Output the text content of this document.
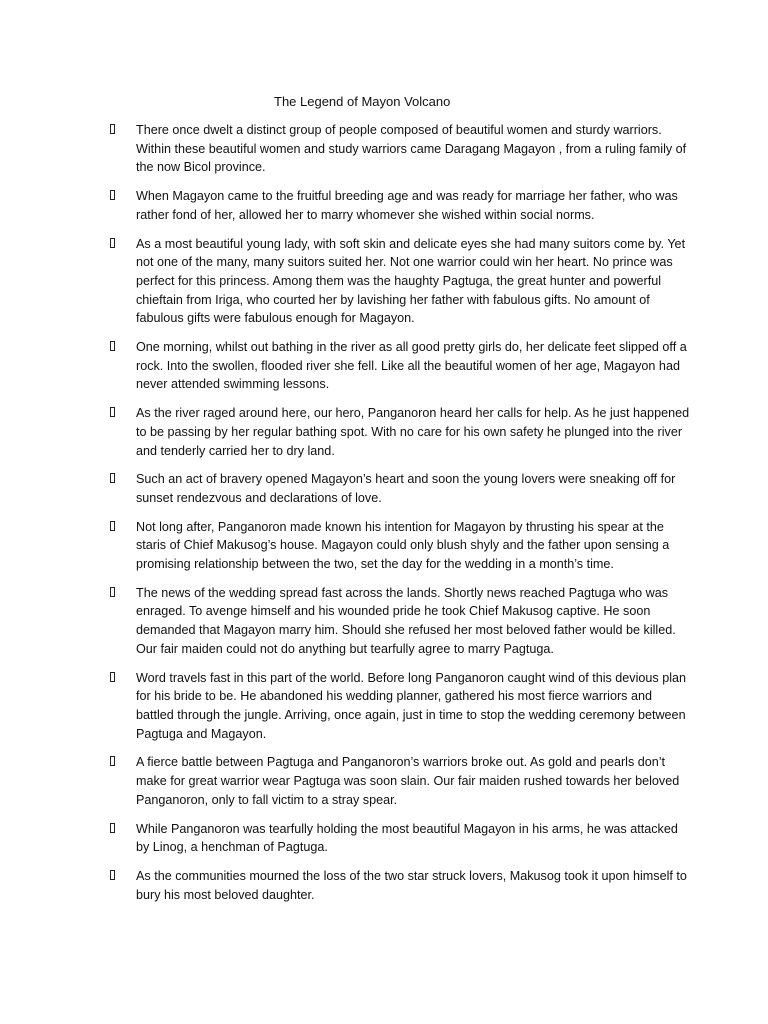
The Legend of Mayon Volcano
There once dwelt a distinct group of people composed of beautiful women and sturdy warriors. Within these beautiful women and study warriors came Daragang Magayon , from a ruling family of the now Bicol province.
When Magayon came to the fruitful breeding age and was ready for marriage her father, who was rather fond of her, allowed her to marry whomever she wished within social norms.
As a most beautiful young lady, with soft skin and delicate eyes she had many suitors come by. Yet not one of the many, many suitors suited her. Not one warrior could win her heart. No prince was perfect for this princess. Among them was the haughty Pagtuga, the great hunter and powerful chieftain from Iriga, who courted her by lavishing her father with fabulous gifts. No amount of fabulous gifts were fabulous enough for Magayon.
One morning, whilst out bathing in the river as all good pretty girls do, her delicate feet slipped off a rock. Into the swollen, flooded river she fell. Like all the beautiful women of her age, Magayon had never attended swimming lessons.
As the river raged around here, our hero, Panganoron heard her calls for help. As he just happened to be passing by her regular bathing spot. With no care for his own safety he plunged into the river and tenderly carried her to dry land.
Such an act of bravery opened Magayon’s heart and soon the young lovers were sneaking off for sunset rendezvous and declarations of love.
Not long after, Panganoron made known his intention for Magayon by thrusting his spear at the staris of Chief Makusog’s house. Magayon could only blush shyly and the father upon sensing a promising relationship between the two, set the day for the wedding in a month’s time.
The news of the wedding spread fast across the lands. Shortly news reached Pagtuga who was enraged. To avenge himself and his wounded pride he took Chief Makusog captive. He soon demanded that Magayon marry him. Should she refused her most beloved father would be killed. Our fair maiden could not do anything but tearfully agree to marry Pagtuga.
Word travels fast in this part of the world. Before long Panganoron caught wind of this devious plan for his bride to be. He abandoned his wedding planner, gathered his most fierce warriors and battled through the jungle. Arriving, once again, just in time to stop the wedding ceremony between Pagtuga and Magayon.
A fierce battle between Pagtuga and Panganoron’s warriors broke out. As gold and pearls don’t make for great warrior wear Pagtuga was soon slain. Our fair maiden rushed towards her beloved Panganoron, only to fall victim to a stray spear.
While Panganoron was tearfully holding the most beautiful Magayon in his arms, he was attacked by Linog, a henchman of Pagtuga.
As the communities mourned the loss of the two star struck lovers, Makusog took it upon himself to bury his most beloved daughter.
